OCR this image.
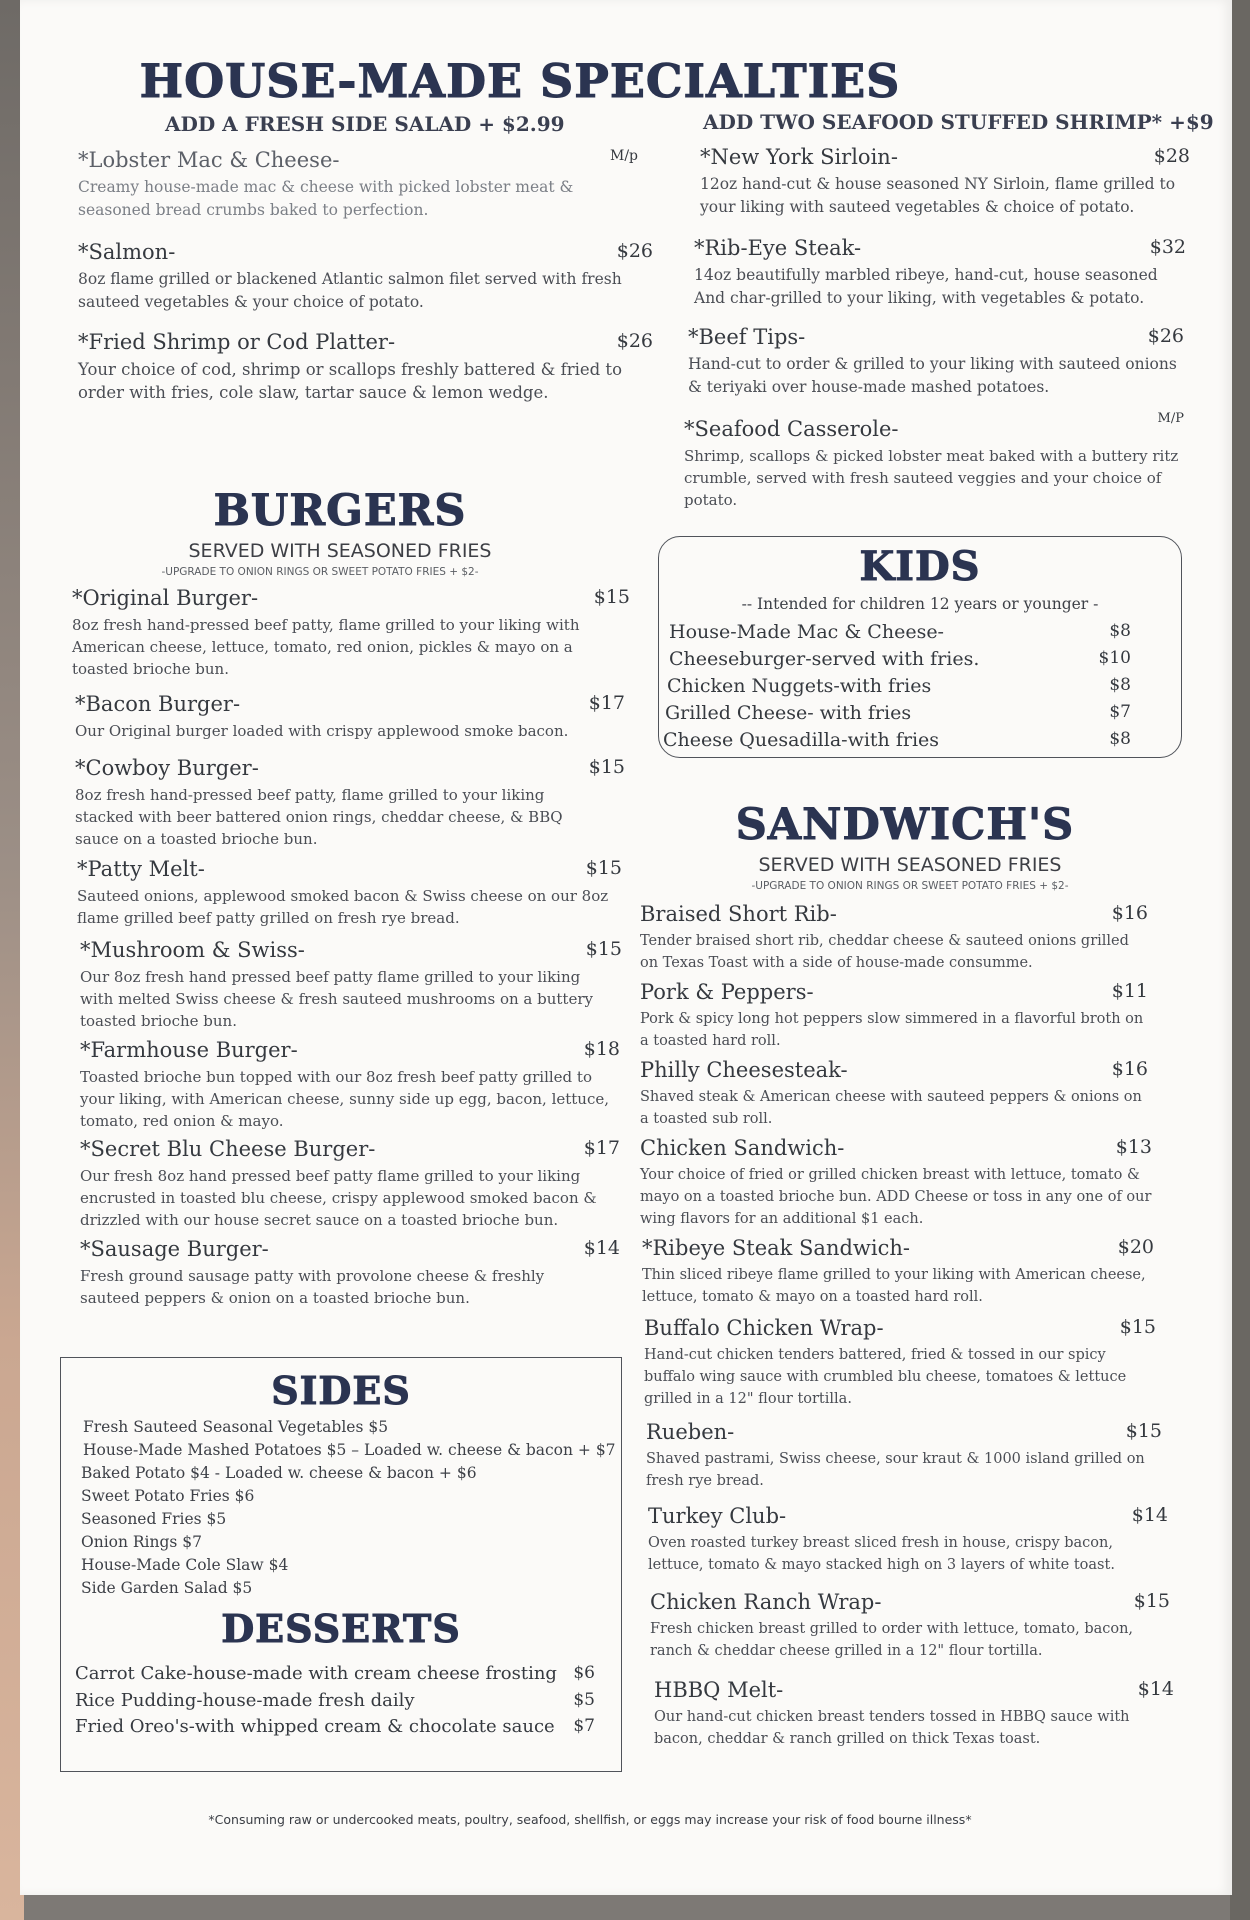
HOUSE-MADE SPECIALTIES
ADD A FRESH SIDE SALAD + $2.99	ADD TWO SEAFOOD STUFFED SHRIMP* +$9
*Lobster Mac & Cheese-	M/p
Creamy house-made mac & cheese with picked lobster meat & seasoned bread crumbs baked to perfection.
*Salmon-	$26
8oz flame grilled or blackened Atlantic salmon filet served with fresh sauteed vegetables & your choice of potato.
*Fried Shrimp or Cod Platter-	$26
Your choice of cod, shrimp or scallops freshly battered & fried to order with fries, cole slaw, tartar sauce & lemon wedge.
*New York Sirloin-	$28
12oz hand-cut & house seasoned NY Sirloin, flame grilled to your liking with sauteed vegetables & choice of potato.
*Rib-Eye Steak-	$32
14oz beautifully marbled ribeye, hand-cut, house seasoned And char-grilled to your liking, with vegetables & potato.
*Beef Tips-	$26
Hand-cut to order & grilled to your liking with sauteed onions & teriyaki over house-made mashed potatoes.
*Seafood Casserole-	M/P
Shrimp, scallops & picked lobster meat baked with a buttery ritz crumble, served with fresh sauteed veggies and your choice of potato.
BURGERS
SERVED WITH SEASONED FRIES
-UPGRADE TO ONION RINGS OR SWEET POTATO FRIES + $2-
*Original Burger-	$15
8oz fresh hand-pressed beef patty, flame grilled to your liking with American cheese, lettuce, tomato, red onion, pickles & mayo on a toasted brioche bun.
*Bacon Burger-	$17
Our Original burger loaded with crispy applewood smoke bacon.
*Cowboy Burger-	$15
8oz fresh hand-pressed beef patty, flame grilled to your liking stacked with beer battered onion rings, cheddar cheese, & BBQ sauce on a toasted brioche bun.
*Patty Melt-	$15
Sauteed onions, applewood smoked bacon & Swiss cheese on our 8oz flame grilled beef patty grilled on fresh rye bread.
*Mushroom & Swiss-	$15
Our 8oz fresh hand pressed beef patty flame grilled to your liking with melted Swiss cheese & fresh sauteed mushrooms on a buttery toasted brioche bun.
*Farmhouse Burger-	$18
Toasted brioche bun topped with our 8oz fresh beef patty grilled to your liking, with American cheese, sunny side up egg, bacon, lettuce, tomato, red onion & mayo.
*Secret Blu Cheese Burger-	$17
Our fresh 8oz hand pressed beef patty flame grilled to your liking encrusted in toasted blu cheese, crispy applewood smoked bacon & drizzled with our house secret sauce on a toasted brioche bun.
*Sausage Burger-	$14
Fresh ground sausage patty with provolone cheese & freshly sauteed peppers & onion on a toasted brioche bun.
SIDES
Fresh Sauteed Seasonal Vegetables $5
House-Made Mashed Potatoes $5 – Loaded w. cheese & bacon + $7
Baked Potato $4 - Loaded w. cheese & bacon + $6
Sweet Potato Fries $6
Seasoned Fries $5
Onion Rings $7
House-Made Cole Slaw $4
Side Garden Salad $5
DESSERTS
Carrot Cake-house-made with cream cheese frosting $6
Rice Pudding-house-made fresh daily	$5
Fried Oreo's-with whipped cream & chocolate sauce $7
KIDS
-- Intended for children 12 years or younger -
House-Made Mac & Cheese-	$8
Cheeseburger-served with fries.	$10
Chicken Nuggets-with fries	$8
Grilled Cheese- with fries	$7
Cheese Quesadilla-with fries	$8
SANDWICH'S
SERVED WITH SEASONED FRIES
-UPGRADE TO ONION RINGS OR SWEET POTATO FRIES + $2-
Braised Short Rib-	$16
Tender braised short rib, cheddar cheese & sauteed onions grilled on Texas Toast with a side of house-made consumme.
Pork & Peppers-	$11
Pork & spicy long hot peppers slow simmered in a flavorful broth on a toasted hard roll.
Philly Cheesesteak-	$16
Shaved steak & American cheese with sauteed peppers & onions on a toasted sub roll.
Chicken Sandwich-	$13
Your choice of fried or grilled chicken breast with lettuce, tomato & mayo on a toasted brioche bun. ADD Cheese or toss in any one of our wing flavors for an additional $1 each.
*Ribeye Steak Sandwich-	$20
Thin sliced ribeye flame grilled to your liking with American cheese, lettuce, tomato & mayo on a toasted hard roll.
Buffalo Chicken Wrap-	$15
Hand-cut chicken tenders battered, fried & tossed in our spicy buffalo wing sauce with crumbled blu cheese, tomatoes & lettuce grilled in a 12" flour tortilla.
Rueben-	$15
Shaved pastrami, Swiss cheese, sour kraut & 1000 island grilled on fresh rye bread.
Turkey Club-	$14
Oven roasted turkey breast sliced fresh in house, crispy bacon, lettuce, tomato & mayo stacked high on 3 layers of white toast.
Chicken Ranch Wrap-	$15
Fresh chicken breast grilled to order with lettuce, tomato, bacon, ranch & cheddar cheese grilled in a 12" flour tortilla.
HBBQ Melt-	$14
Our hand-cut chicken breast tenders tossed in HBBQ sauce with bacon, cheddar & ranch grilled on thick Texas toast.
*Consuming raw or undercooked meats, poultry, seafood, shellfish, or eggs may increase your risk of food bourne illness*
